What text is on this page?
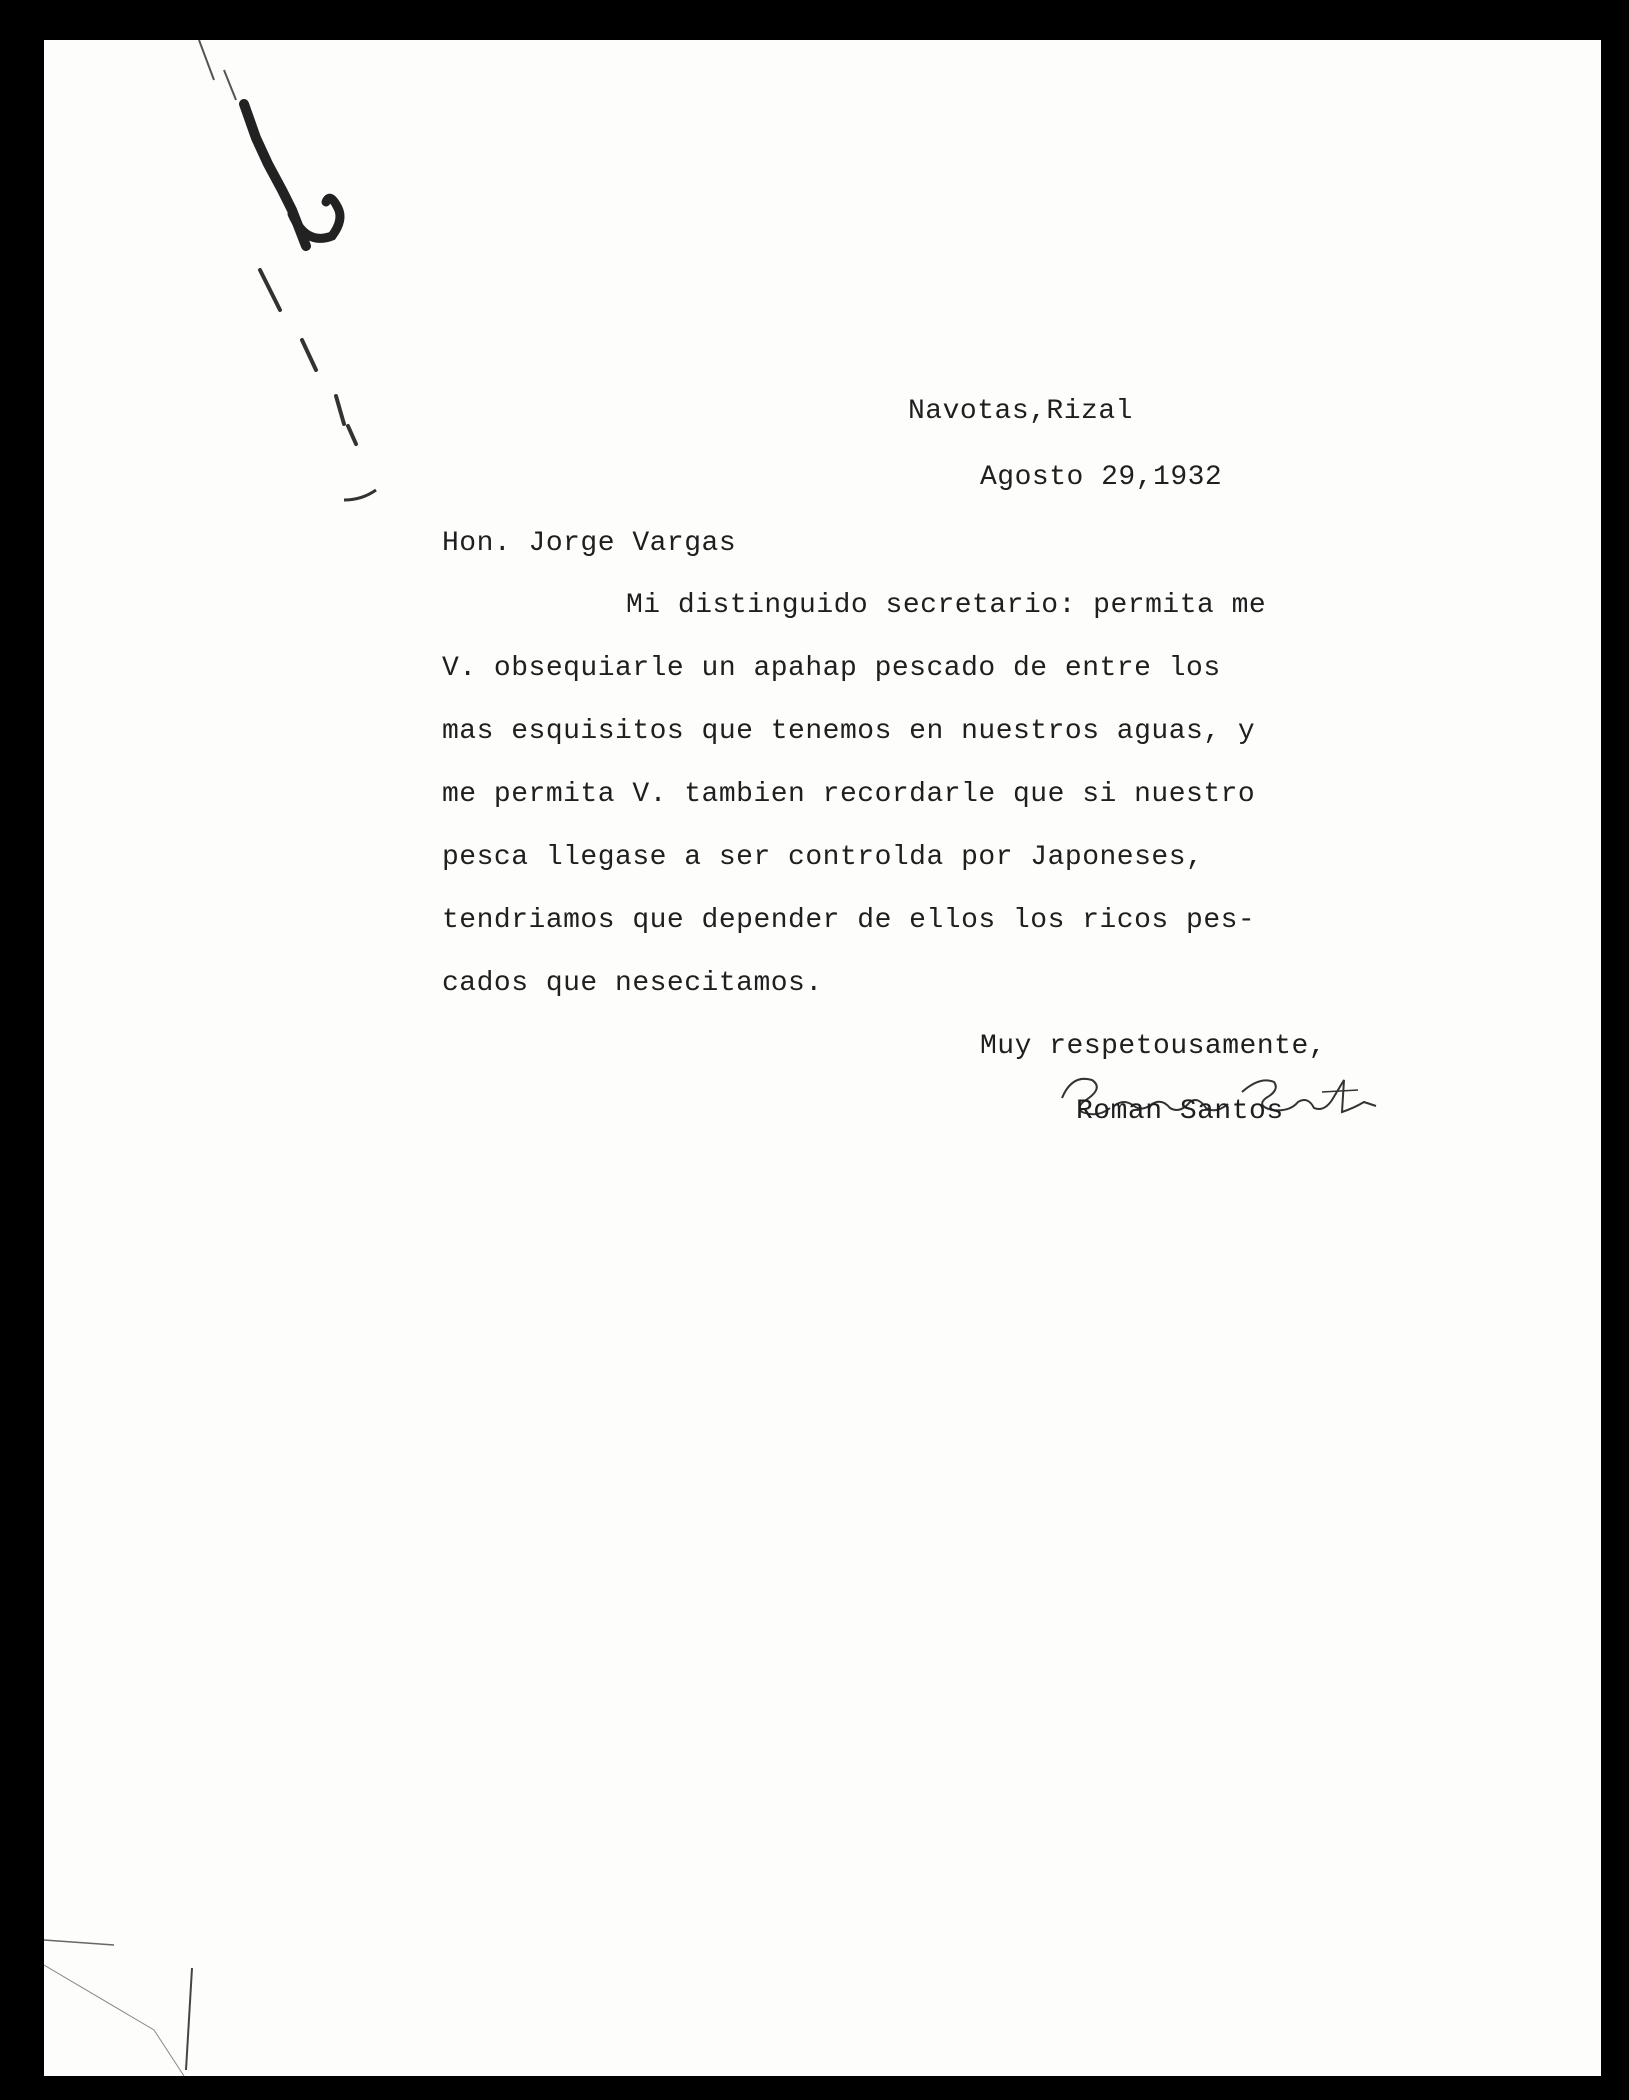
Navotas,Rizal
Agosto 29,1932
Hon. Jorge Vargas
Mi distinguido secretario: permita me
V. obsequiarle un apahap pescado de entre los
mas esquisitos que tenemos en nuestros aguas, y
me permita V. tambien recordarle que si nuestro
pesca llegase a ser controlda por Japoneses,
tendriamos que depender de ellos los ricos pes-
cados que nesecitamos.
Muy respetousamente,
Roman Santos
